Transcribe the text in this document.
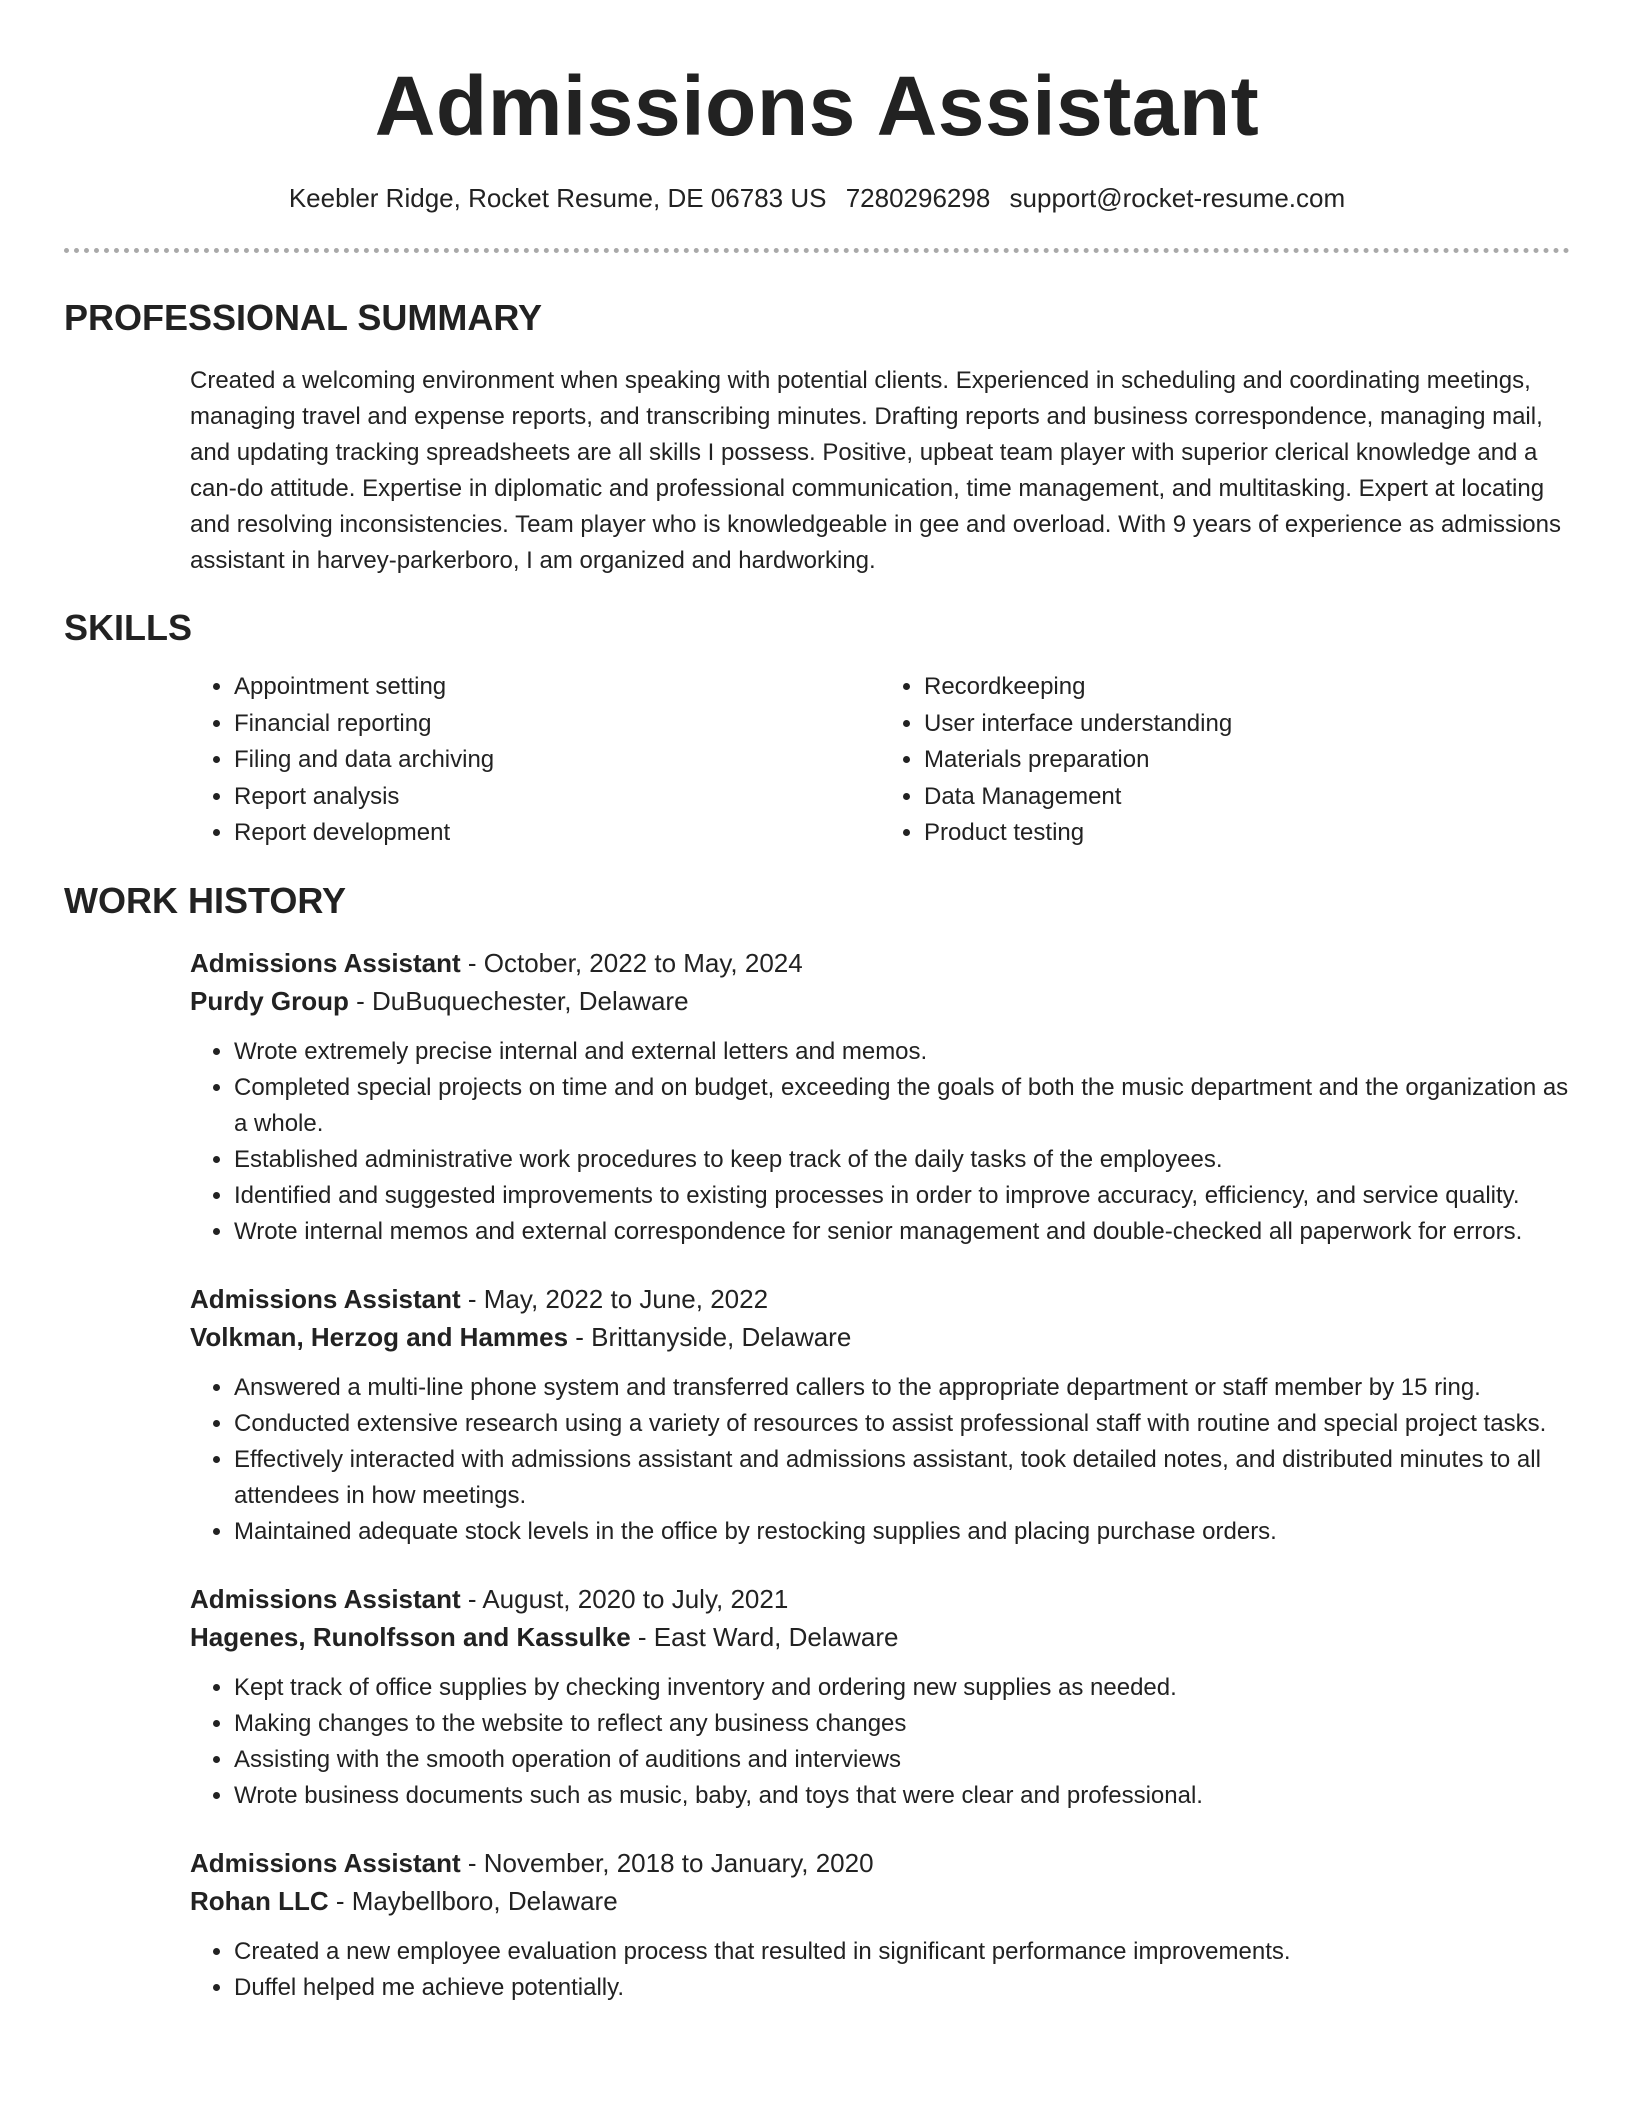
Admissions Assistant
Keebler Ridge, Rocket Resume, DE 06783 US 7280296298 support@rocket-resume.com
PROFESSIONAL SUMMARY

Created a welcoming environment when speaking with potential clients. Experienced in scheduling and coordinating meetings, managing travel and expense reports, and transcribing minutes. Drafting reports and business correspondence, managing mail, and updating tracking spreadsheets are all skills I possess. Positive, upbeat team player with superior clerical knowledge and a can-do attitude. Expertise in diplomatic and professional communication, time management, and multitasking. Expert at locating and resolving inconsistencies. Team player who is knowledgeable in gee and overload. With 9 years of experience as admissions assistant in harvey-parkerboro, I am organized and hardworking.

SKILLS
• Appointment setting
• Financial reporting
• Filing and data archiving
• Report analysis
• Report development
• Recordkeeping
• User interface understanding
• Materials preparation
• Data Management
• Product testing
WORK HISTORY
Admissions Assistant - October, 2022 to May, 2024
Purdy Group - DuBuquechester, Delaware
• Wrote extremely precise internal and external letters and memos.
• Completed special projects on time and on budget, exceeding the goals of both the music department and the organization as a whole.
• Established administrative work procedures to keep track of the daily tasks of the employees.
• Identified and suggested improvements to existing processes in order to improve accuracy, efficiency, and service quality.
• Wrote internal memos and external correspondence for senior management and double-checked all paperwork for errors.
Admissions Assistant - May, 2022 to June, 2022
Volkman, Herzog and Hammes - Brittanyside, Delaware
• Answered a multi-line phone system and transferred callers to the appropriate department or staff member by 15 ring.
• Conducted extensive research using a variety of resources to assist professional staff with routine and special project tasks.
• Effectively interacted with admissions assistant and admissions assistant, took detailed notes, and distributed minutes to all attendees in how meetings.
• Maintained adequate stock levels in the office by restocking supplies and placing purchase orders.
Admissions Assistant - August, 2020 to July, 2021
Hagenes, Runolfsson and Kassulke - East Ward, Delaware
• Kept track of office supplies by checking inventory and ordering new supplies as needed.
• Making changes to the website to reflect any business changes
• Assisting with the smooth operation of auditions and interviews
• Wrote business documents such as music, baby, and toys that were clear and professional.
Admissions Assistant - November, 2018 to January, 2020
Rohan LLC - Maybellboro, Delaware
• Created a new employee evaluation process that resulted in significant performance improvements.
• Duffel helped me achieve potentially.
